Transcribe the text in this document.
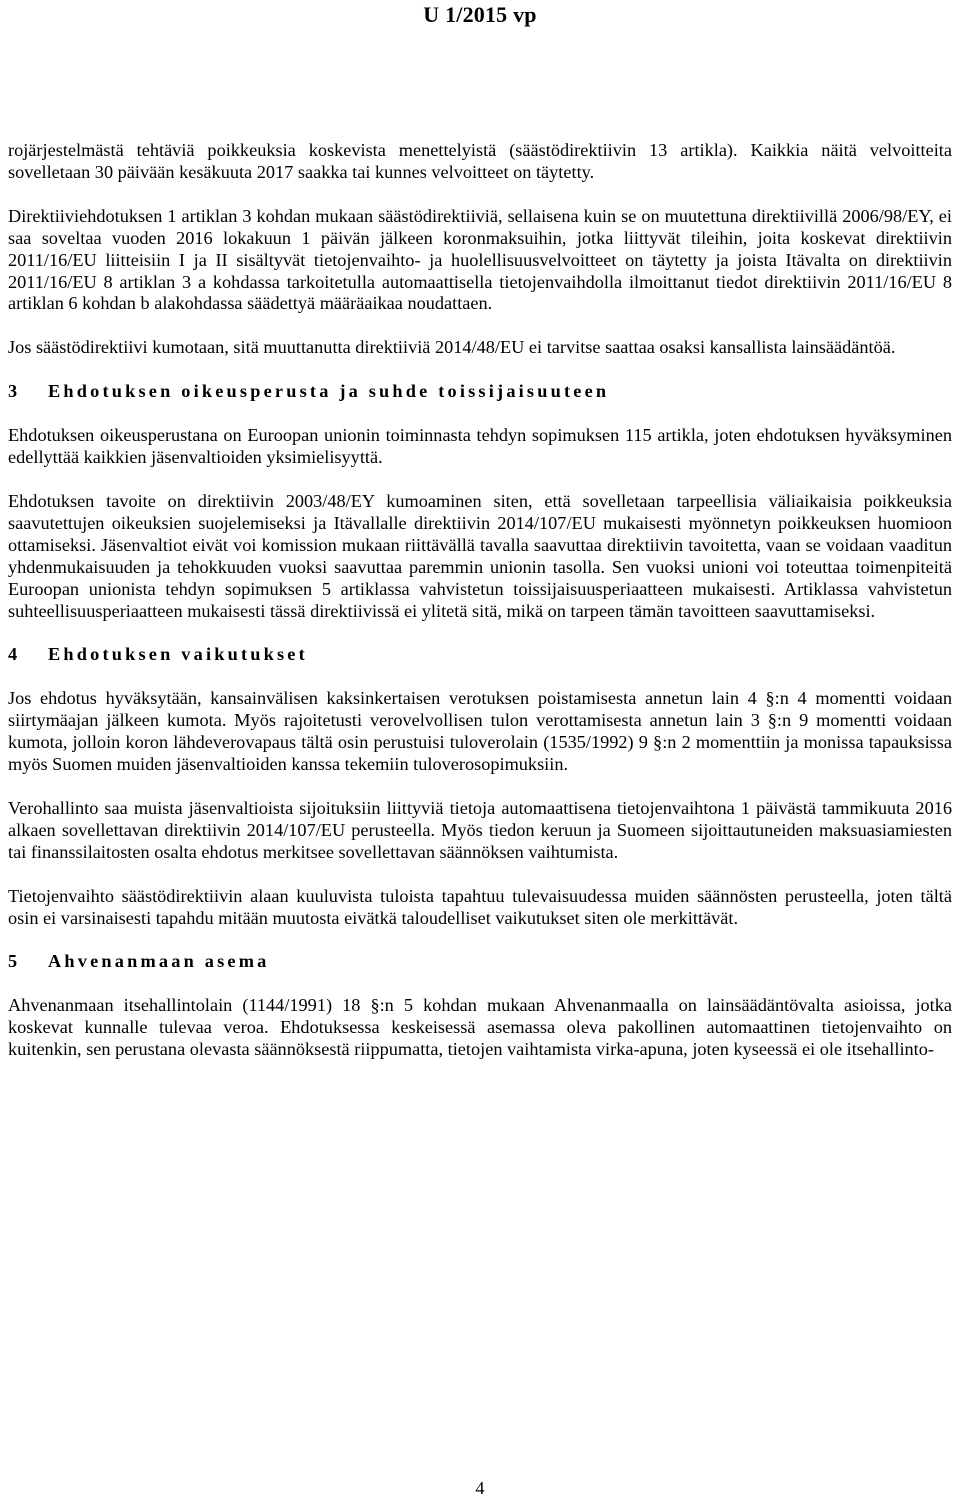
U 1/2015 vp

rojärjestelmästä tehtäviä poikkeuksia koskevista menettelyistä (säästödirektiivin 13 artikla). Kaikkia näitä velvoitteita sovelletaan 30 päivään kesäkuuta 2017 saakka tai kunnes velvoitteet on täytetty.

Direktiiviehdotuksen 1 artiklan 3 kohdan mukaan säästödirektiiviä, sellaisena kuin se on muutettuna direktiivillä 2006/98/EY, ei saa soveltaa vuoden 2016 lokakuun 1 päivän jälkeen koronmaksuihin, jotka liittyvät tileihin, joita koskevat direktiivin 2011/16/EU liitteisiin I ja II sisältyvät tietojenvaihto- ja huolellisuusvelvoitteet on täytetty ja joista Itävalta on direktiivin 2011/16/EU 8 artiklan 3 a kohdassa tarkoitetulla automaattisella tietojenvaihdolla ilmoittanut tiedot direktiivin 2011/16/EU 8 artiklan 6 kohdan b alakohdassa säädettyä määräaikaa noudattaen.

Jos säästödirektiivi kumotaan, sitä muuttanutta direktiiviä 2014/48/EU ei tarvitse saattaa osaksi kansallista lainsäädäntöä.

3 Ehdotuksen oikeusperusta ja suhde toissijaisuuteen

Ehdotuksen oikeusperustana on Euroopan unionin toiminnasta tehdyn sopimuksen 115 artikla, joten ehdotuksen hyväksyminen edellyttää kaikkien jäsenvaltioiden yksimielisyyttä.

Ehdotuksen tavoite on direktiivin 2003/48/EY kumoaminen siten, että sovelletaan tarpeellisia väliaikaisia poikkeuksia saavutettujen oikeuksien suojelemiseksi ja Itävallalle direktiivin 2014/107/EU mukaisesti myönnetyn poikkeuksen huomioon ottamiseksi. Jäsenvaltiot eivät voi komission mukaan riittävällä tavalla saavuttaa direktiivin tavoitetta, vaan se voidaan vaaditun yhdenmukaisuuden ja tehokkuuden vuoksi saavuttaa paremmin unionin tasolla. Sen vuoksi unioni voi toteuttaa toimenpiteitä Euroopan unionista tehdyn sopimuksen 5 artiklassa vahvistetun toissijaisuusperiaatteen mukaisesti. Artiklassa vahvistetun suhteellisuusperiaatteen mukaisesti tässä direktiivissä ei ylitetä sitä, mikä on tarpeen tämän tavoitteen saavuttamiseksi.

4 Ehdotuksen vaikutukset

Jos ehdotus hyväksytään, kansainvälisen kaksinkertaisen verotuksen poistamisesta annetun lain 4 §:n 4 momentti voidaan siirtymäajan jälkeen kumota. Myös rajoitetusti verovelvollisen tulon verottamisesta annetun lain 3 §:n 9 momentti voidaan kumota, jolloin koron lähdeverovapaus tältä osin perustuisi tuloverolain (1535/1992) 9 §:n 2 momenttiin ja monissa tapauksissa myös Suomen muiden jäsenvaltioiden kanssa tekemiin tuloverosopimuksiin.

Verohallinto saa muista jäsenvaltioista sijoituksiin liittyviä tietoja automaattisena tietojenvaihtona 1 päivästä tammikuuta 2016 alkaen sovellettavan direktiivin 2014/107/EU perusteella. Myös tiedon keruun ja Suomeen sijoittautuneiden maksuasiamiesten tai finanssilaitosten osalta ehdotus merkitsee sovellettavan säännöksen vaihtumista.

Tietojenvaihto säästödirektiivin alaan kuuluvista tuloista tapahtuu tulevaisuudessa muiden säännösten perusteella, joten tältä osin ei varsinaisesti tapahdu mitään muutosta eivätkä taloudelliset vaikutukset siten ole merkittävät.

5 Ahvenanmaan asema

Ahvenanmaan itsehallintolain (1144/1991) 18 §:n 5 kohdan mukaan Ahvenanmaalla on lainsäädäntövalta asioissa, jotka koskevat kunnalle tulevaa veroa. Ehdotuksessa keskeisessä asemassa oleva pakollinen automaattinen tietojenvaihto on kuitenkin, sen perustana olevasta säännöksestä riippumatta, tietojen vaihtamista virka-apuna, joten kyseessä ei ole itsehallinto-

4
